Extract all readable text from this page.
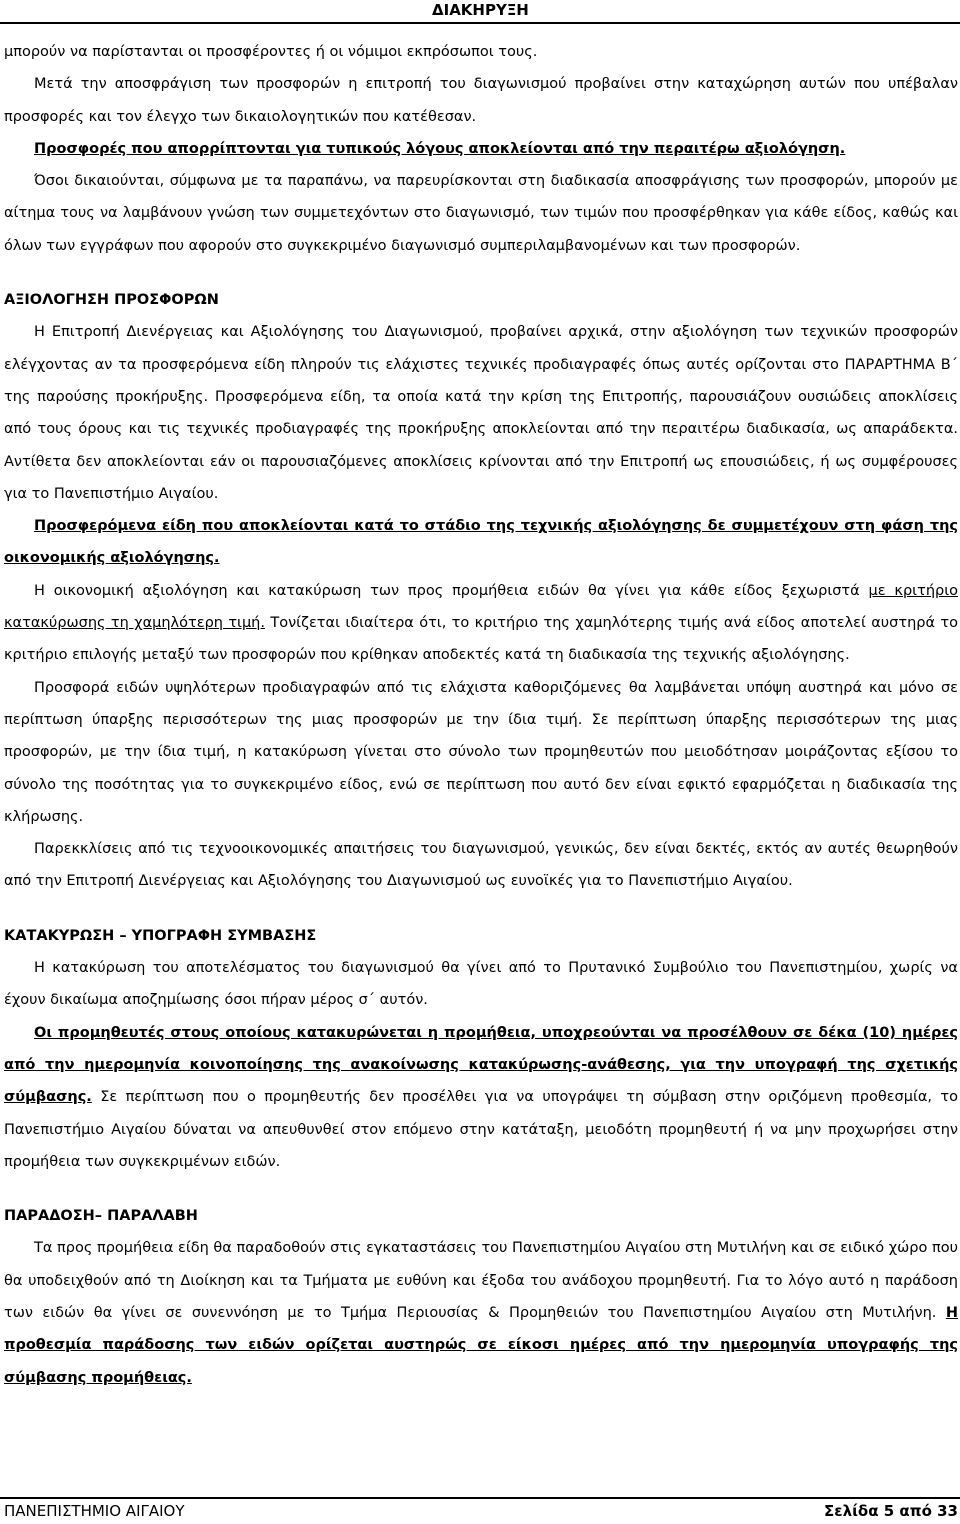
ΔΙΑΚΗΡΥΞΗ

μπορούν να παρίστανται οι προσφέροντες ή οι νόμιμοι εκπρόσωποι τους.

Μετά την αποσφράγιση των προσφορών η επιτροπή του διαγωνισμού προβαίνει στην καταχώρηση αυτών που υπέβαλαν προσφορές και τον έλεγχο των δικαιολογητικών που κατέθεσαν.

Προσφορές που απορρίπτονται για τυπικούς λόγους αποκλείονται από την περαιτέρω αξιολόγηση.

Όσοι δικαιούνται, σύμφωνα με τα παραπάνω, να παρευρίσκονται στη διαδικασία αποσφράγισης των προσφορών, μπορούν με αίτημα τους να λαμβάνουν γνώση των συμμετεχόντων στο διαγωνισμό, των τιμών που προσφέρθηκαν για κάθε είδος, καθώς και όλων των εγγράφων που αφορούν στο συγκεκριμένο διαγωνισμό συμπεριλαμβανομένων και των προσφορών.

ΑΞΙΟΛΟΓΗΣΗ ΠΡΟΣΦΟΡΩΝ

Η Επιτροπή Διενέργειας και Αξιολόγησης του Διαγωνισμού, προβαίνει αρχικά, στην αξιολόγηση των τεχνικών προσφορών ελέγχοντας αν τα προσφερόμενα είδη πληρούν τις ελάχιστες τεχνικές προδιαγραφές όπως αυτές ορίζονται στο ΠΑΡΑΡΤΗΜΑ Β΄ της παρούσης προκήρυξης. Προσφερόμενα είδη, τα οποία κατά την κρίση της Επιτροπής, παρουσιάζουν ουσιώδεις αποκλίσεις από τους όρους και τις τεχνικές προδιαγραφές της προκήρυξης αποκλείονται από την περαιτέρω διαδικασία, ως απαράδεκτα. Αντίθετα δεν αποκλείονται εάν οι παρουσιαζόμενες αποκλίσεις κρίνονται από την Επιτροπή ως επουσιώδεις, ή ως συμφέρουσες για το Πανεπιστήμιο Αιγαίου.

Προσφερόμενα είδη που αποκλείονται κατά το στάδιο της τεχνικής αξιολόγησης δε συμμετέχουν στη φάση της οικονομικής αξιολόγησης.

Η οικονομική αξιολόγηση και κατακύρωση των προς προμήθεια ειδών θα γίνει για κάθε είδος ξεχωριστά με κριτήριο κατακύρωσης τη χαμηλότερη τιμή. Τονίζεται ιδιαίτερα ότι, το κριτήριο της χαμηλότερης τιμής ανά είδος αποτελεί αυστηρά το κριτήριο επιλογής μεταξύ των προσφορών που κρίθηκαν αποδεκτές κατά τη διαδικασία της τεχνικής αξιολόγησης.

Προσφορά ειδών υψηλότερων προδιαγραφών από τις ελάχιστα καθοριζόμενες θα λαμβάνεται υπόψη αυστηρά και μόνο σε περίπτωση ύπαρξης περισσότερων της μιας προσφορών με την ίδια τιμή. Σε περίπτωση ύπαρξης περισσότερων της μιας προσφορών, με την ίδια τιμή, η κατακύρωση γίνεται στο σύνολο των προμηθευτών που μειοδότησαν μοιράζοντας εξίσου το σύνολο της ποσότητας για το συγκεκριμένο είδος, ενώ σε περίπτωση που αυτό δεν είναι εφικτό εφαρμόζεται η διαδικασία της κλήρωσης.

Παρεκκλίσεις από τις τεχνοοικονομικές απαιτήσεις του διαγωνισμού, γενικώς, δεν είναι δεκτές, εκτός αν αυτές θεωρηθούν από την Επιτροπή Διενέργειας και Αξιολόγησης του Διαγωνισμού ως ευνοϊκές για το Πανεπιστήμιο Αιγαίου.

ΚΑΤΑΚΥΡΩΣΗ – ΥΠΟΓΡΑΦΗ ΣΥΜΒΑΣΗΣ

Η κατακύρωση του αποτελέσματος του διαγωνισμού θα γίνει από το Πρυτανικό Συμβούλιο του Πανεπιστημίου, χωρίς να έχουν δικαίωμα αποζημίωσης όσοι πήραν μέρος σ΄ αυτόν.

Οι προμηθευτές στους οποίους κατακυρώνεται η προμήθεια, υποχρεούνται να προσέλθουν σε δέκα (10) ημέρες από την ημερομηνία κοινοποίησης της ανακοίνωσης κατακύρωσης-ανάθεσης, για την υπογραφή της σχετικής σύμβασης. Σε περίπτωση που ο προμηθευτής δεν προσέλθει για να υπογράψει τη σύμβαση στην οριζόμενη προθεσμία, το Πανεπιστήμιο Αιγαίου δύναται να απευθυνθεί στον επόμενο στην κατάταξη, μειοδότη προμηθευτή ή να μην προχωρήσει στην προμήθεια των συγκεκριμένων ειδών.

ΠΑΡΑΔΟΣΗ– ΠΑΡΑΛΑΒΗ

Τα προς προμήθεια είδη θα παραδοθούν στις εγκαταστάσεις του Πανεπιστημίου Αιγαίου στη Μυτιλήνη και σε ειδικό χώρο που θα υποδειχθούν από τη Διοίκηση και τα Τμήματα με ευθύνη και έξοδα του ανάδοχου προμηθευτή. Για το λόγο αυτό η παράδοση των ειδών θα γίνει σε συνεννόηση με το Τμήμα Περιουσίας & Προμηθειών του Πανεπιστημίου Αιγαίου στη Μυτιλήνη. Η προθεσμία παράδοσης των ειδών ορίζεται αυστηρώς σε είκοσι ημέρες από την ημερομηνία υπογραφής της σύμβασης προμήθειας.

ΠΑΝΕΠΙΣΤΗΜΙΟ ΑΙΓΑΙΟΥ	Σελίδα 5 από 33
